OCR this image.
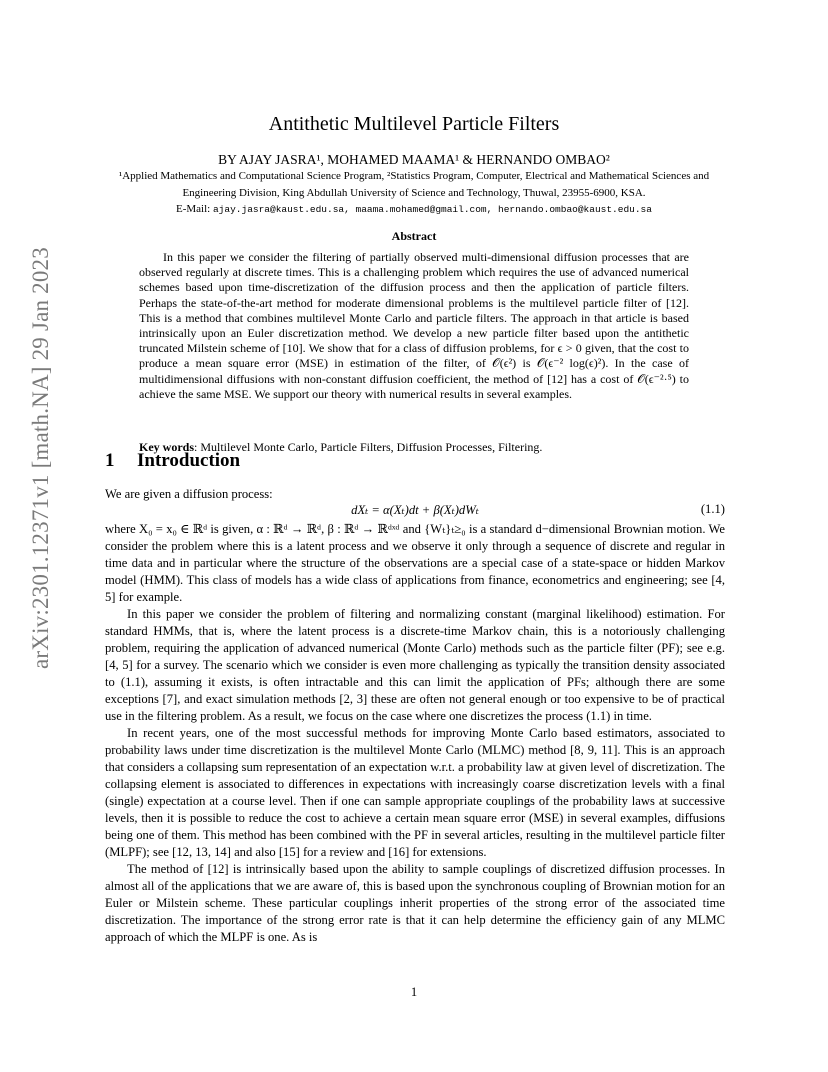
arXiv:2301.12371v1 [math.NA] 29 Jan 2023
Antithetic Multilevel Particle Filters
BY AJAY JASRA¹, MOHAMED MAAMA¹ & HERNANDO OMBAO²
¹Applied Mathematics and Computational Science Program, ²Statistics Program, Computer, Electrical and Mathematical Sciences and Engineering Division, King Abdullah University of Science and Technology, Thuwal, 23955-6900, KSA.
E-Mail: ajay.jasra@kaust.edu.sa, maama.mohamed@gmail.com, hernando.ombao@kaust.edu.sa
Abstract
In this paper we consider the filtering of partially observed multi-dimensional diffusion processes that are observed regularly at discrete times. This is a challenging problem which requires the use of advanced numerical schemes based upon time-discretization of the diffusion process and then the application of particle filters. Perhaps the state-of-the-art method for moderate dimensional problems is the multilevel particle filter of [12]. This is a method that combines multilevel Monte Carlo and particle filters. The approach in that article is based intrinsically upon an Euler discretization method. We develop a new particle filter based upon the antithetic truncated Milstein scheme of [10]. We show that for a class of diffusion problems, for ϵ > 0 given, that the cost to produce a mean square error (MSE) in estimation of the filter, of 𝒪(ϵ²) is 𝒪(ϵ⁻² log(ϵ)²). In the case of multidimensional diffusions with non-constant diffusion coefficient, the method of [12] has a cost of 𝒪(ϵ⁻²·⁵) to achieve the same MSE. We support our theory with numerical results in several examples.
Key words: Multilevel Monte Carlo, Particle Filters, Diffusion Processes, Filtering.
1 Introduction
We are given a diffusion process:
dXₜ = α(Xₜ)dt + β(Xₜ)dWₜ	(1.1)
where X₀ = x₀ ∈ ℝᵈ is given, α : ℝᵈ → ℝᵈ, β : ℝᵈ → ℝᵈˣᵈ and {Wₜ}ₜ≥₀ is a standard d−dimensional Brownian motion. We consider the problem where this is a latent process and we observe it only through a sequence of discrete and regular in time data and in particular where the structure of the observations are a special case of a state-space or hidden Markov model (HMM). This class of models has a wide class of applications from finance, econometrics and engineering; see [4, 5] for example.
In this paper we consider the problem of filtering and normalizing constant (marginal likelihood) estimation. For standard HMMs, that is, where the latent process is a discrete-time Markov chain, this is a notoriously challenging problem, requiring the application of advanced numerical (Monte Carlo) methods such as the particle filter (PF); see e.g. [4, 5] for a survey. The scenario which we consider is even more challenging as typically the transition density associated to (1.1), assuming it exists, is often intractable and this can limit the application of PFs; although there are some exceptions [7], and exact simulation methods [2, 3] these are often not general enough or too expensive to be of practical use in the filtering problem. As a result, we focus on the case where one discretizes the process (1.1) in time.
In recent years, one of the most successful methods for improving Monte Carlo based estimators, associated to probability laws under time discretization is the multilevel Monte Carlo (MLMC) method [8, 9, 11]. This is an approach that considers a collapsing sum representation of an expectation w.r.t. a probability law at given level of discretization. The collapsing element is associated to differences in expectations with increasingly coarse discretization levels with a final (single) expectation at a course level. Then if one can sample appropriate couplings of the probability laws at successive levels, then it is possible to reduce the cost to achieve a certain mean square error (MSE) in several examples, diffusions being one of them. This method has been combined with the PF in several articles, resulting in the multilevel particle filter (MLPF); see [12, 13, 14] and also [15] for a review and [16] for extensions.
The method of [12] is intrinsically based upon the ability to sample couplings of discretized diffusion processes. In almost all of the applications that we are aware of, this is based upon the synchronous coupling of Brownian motion for an Euler or Milstein scheme. These particular couplings inherit properties of the strong error of the associated time discretization. The importance of the strong error rate is that it can help determine the efficiency gain of any MLMC approach of which the MLPF is one. As is
1
